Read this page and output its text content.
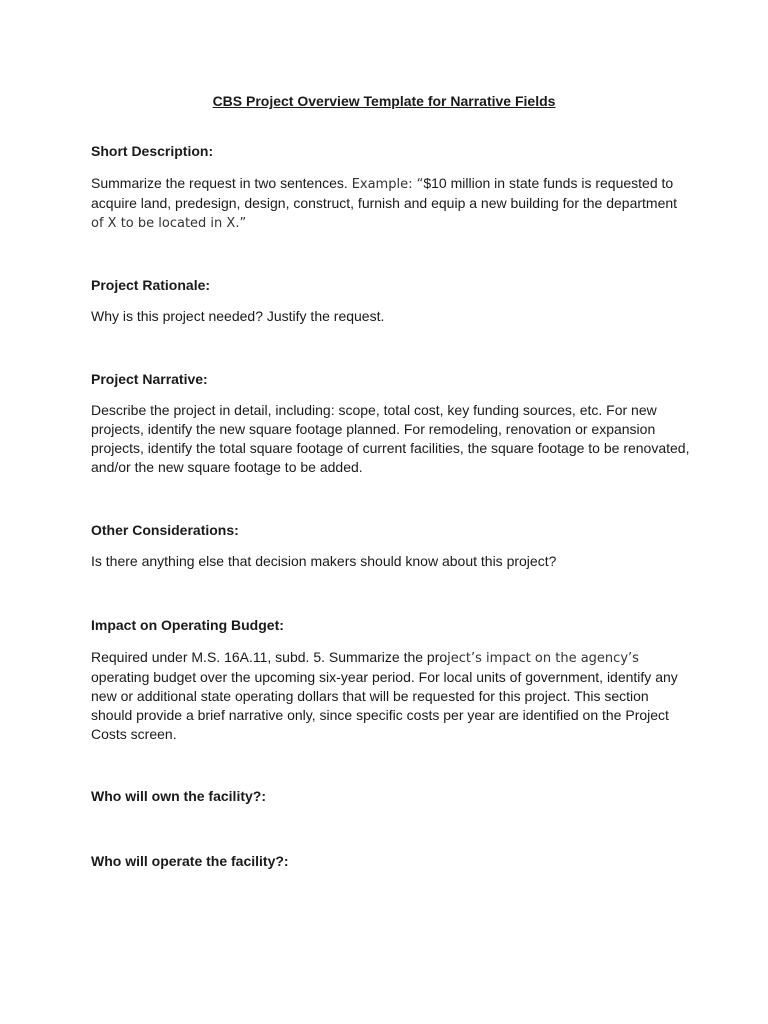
CBS Project Overview Template for Narrative Fields

Short Description:

Summarize the request in two sentences. Example: “$10 million in state funds is requested to acquire land, predesign, design, construct, furnish and equip a new building for the department of X to be located in X.”

Project Rationale:

Why is this project needed? Justify the request.

Project Narrative:

Describe the project in detail, including: scope, total cost, key funding sources, etc. For new projects, identify the new square footage planned. For remodeling, renovation or expansion projects, identify the total square footage of current facilities, the square footage to be renovated, and/or the new square footage to be added.

Other Considerations:

Is there anything else that decision makers should know about this project?

Impact on Operating Budget:

Required under M.S. 16A.11, subd. 5. Summarize the project’s impact on the agency’s operating budget over the upcoming six-year period. For local units of government, identify any new or additional state operating dollars that will be requested for this project. This section should provide a brief narrative only, since specific costs per year are identified on the Project Costs screen.

Who will own the facility?:

Who will operate the facility?:
